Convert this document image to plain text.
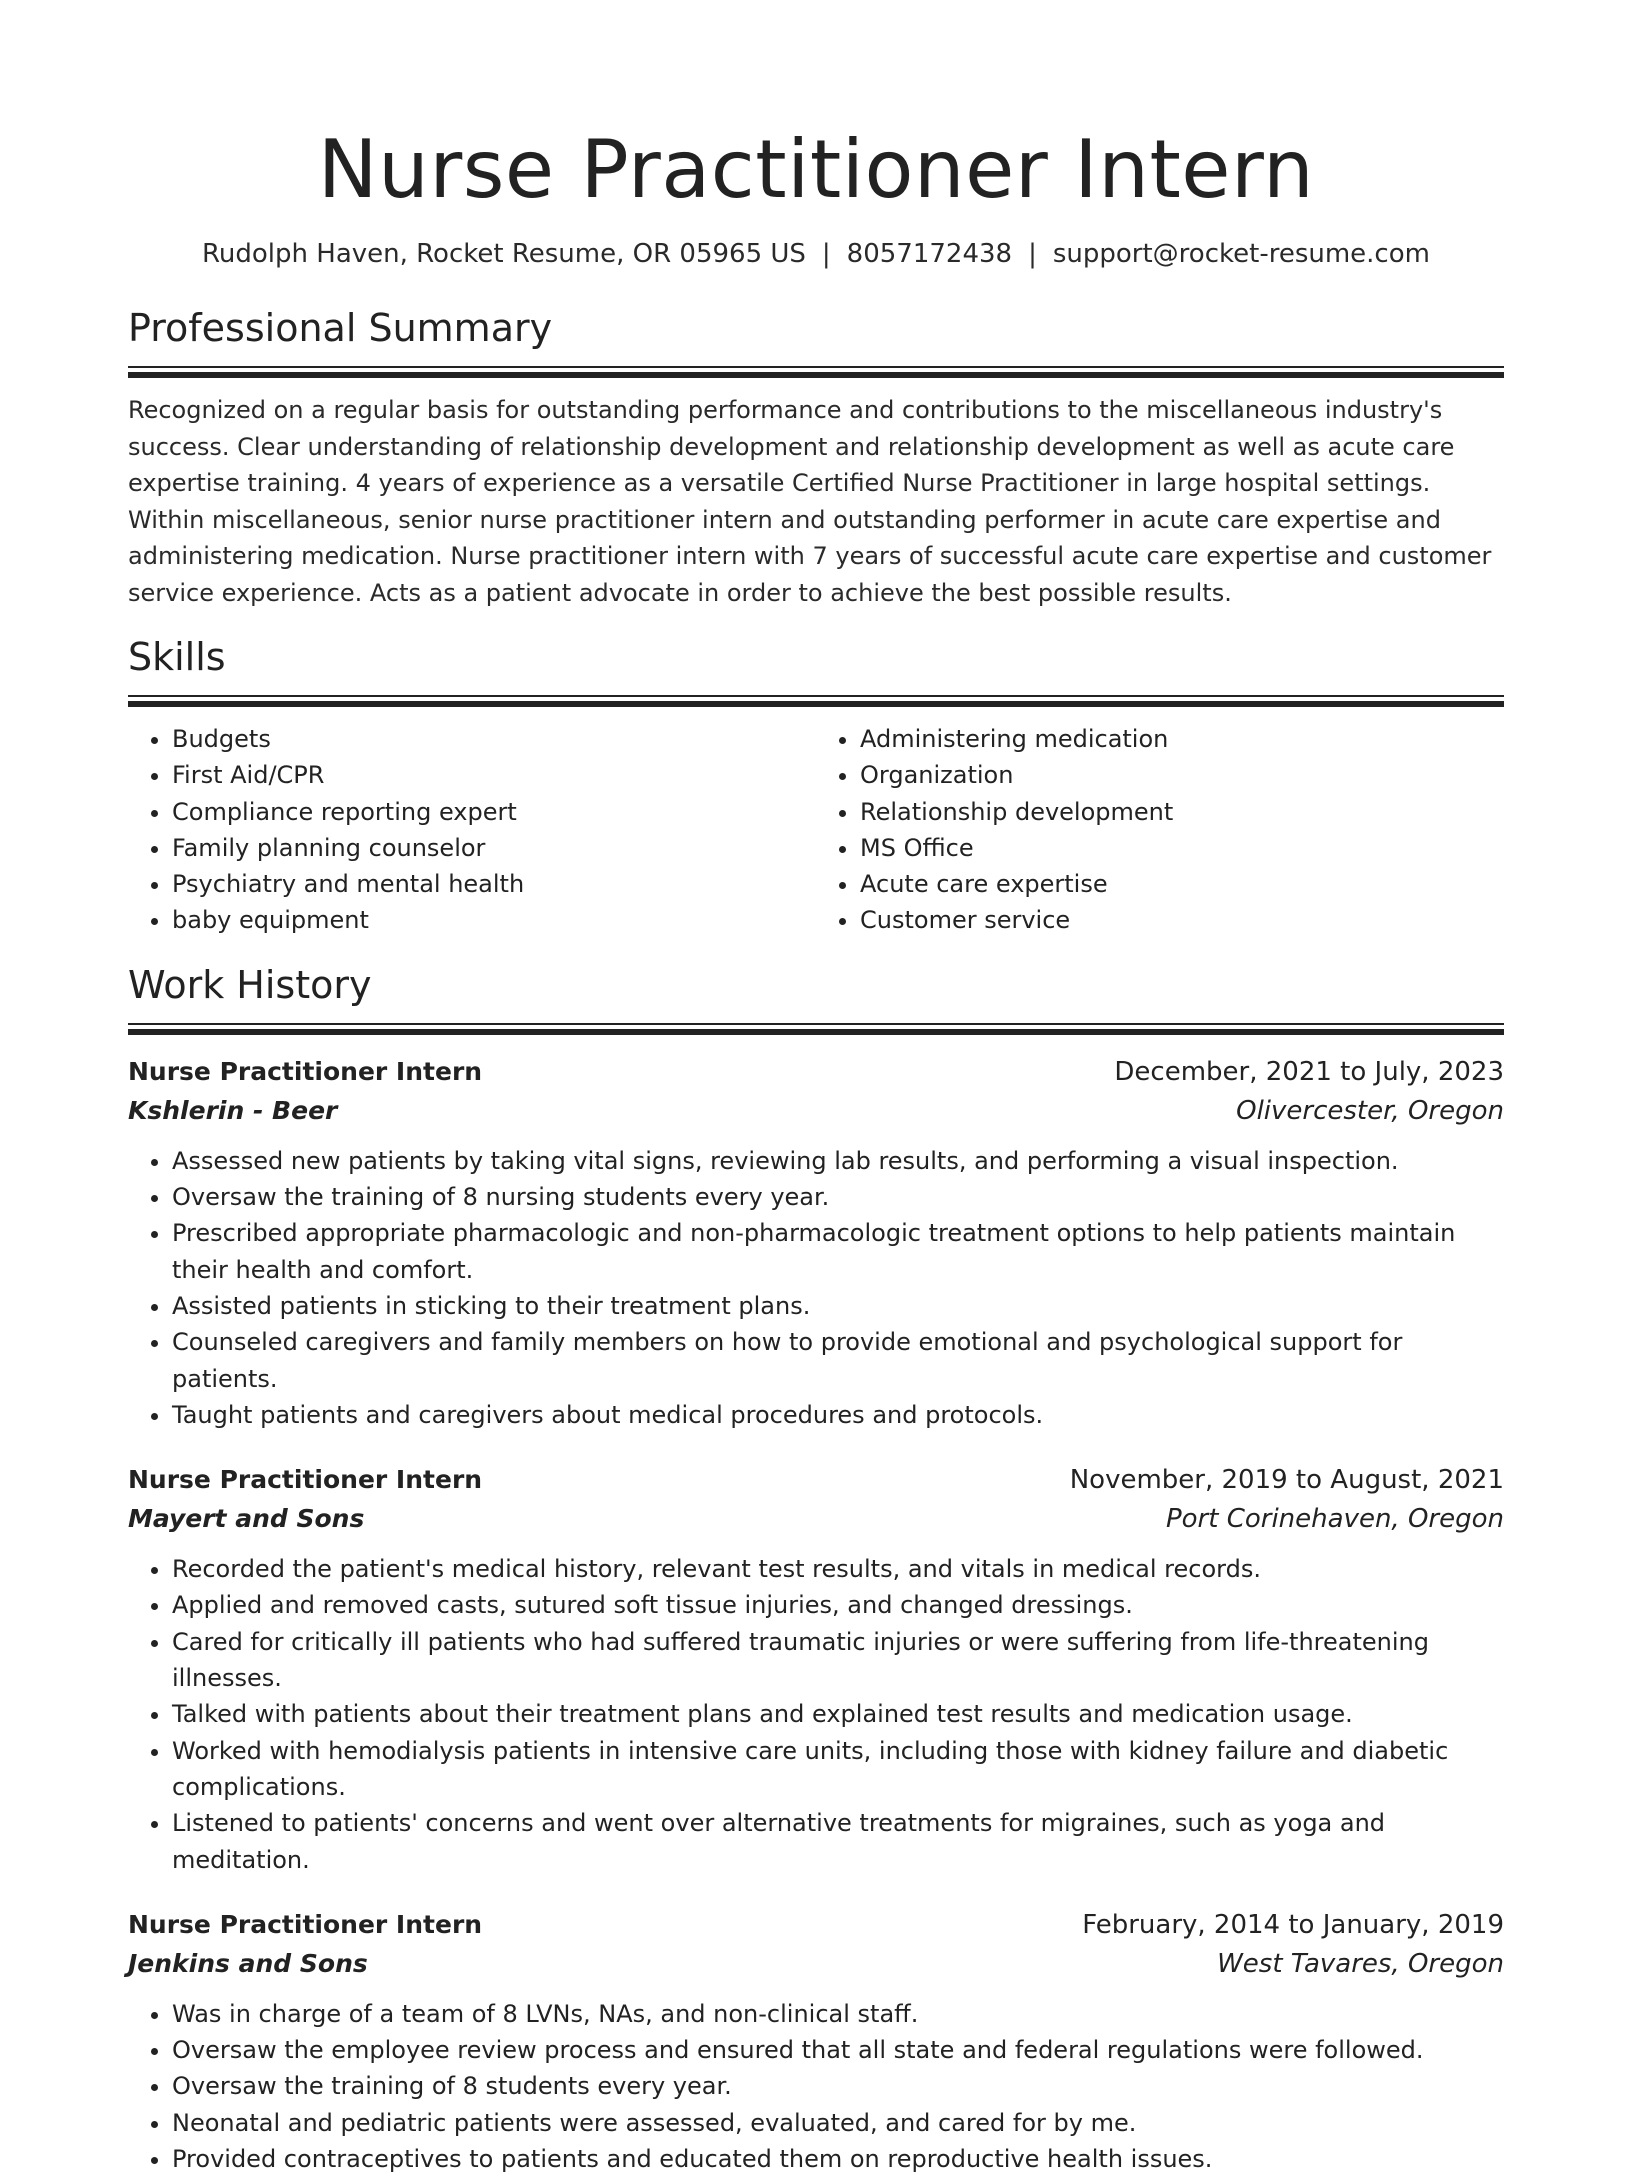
Nurse Practitioner Intern
Rudolph Haven, Rocket Resume, OR 05965 US | 8057172438 | support@rocket-resume.com
Professional Summary
Recognized on a regular basis for outstanding performance and contributions to the miscellaneous industry's success. Clear understanding of relationship development and relationship development as well as acute care expertise training. 4 years of experience as a versatile Certified Nurse Practitioner in large hospital settings. Within miscellaneous, senior nurse practitioner intern and outstanding performer in acute care expertise and administering medication. Nurse practitioner intern with 7 years of successful acute care expertise and customer service experience. Acts as a patient advocate in order to achieve the best possible results.
Skills
• Budgets
• First Aid/CPR
• Compliance reporting expert
• Family planning counselor
• Psychiatry and mental health
• baby equipment
• Administering medication
• Organization
• Relationship development
• MS Office
• Acute care expertise
• Customer service
Work History
Nurse Practitioner Intern	December, 2021 to July, 2023
Kshlerin - Beer	Olivercester, Oregon
• Assessed new patients by taking vital signs, reviewing lab results, and performing a visual inspection.
• Oversaw the training of 8 nursing students every year.
• Prescribed appropriate pharmacologic and non-pharmacologic treatment options to help patients maintain their health and comfort.
• Assisted patients in sticking to their treatment plans.
• Counseled caregivers and family members on how to provide emotional and psychological support for patients.
• Taught patients and caregivers about medical procedures and protocols.
Nurse Practitioner Intern	November, 2019 to August, 2021
Mayert and Sons	Port Corinehaven, Oregon
• Recorded the patient's medical history, relevant test results, and vitals in medical records.
• Applied and removed casts, sutured soft tissue injuries, and changed dressings.
• Cared for critically ill patients who had suffered traumatic injuries or were suffering from life-threatening illnesses.
• Talked with patients about their treatment plans and explained test results and medication usage.
• Worked with hemodialysis patients in intensive care units, including those with kidney failure and diabetic complications.
• Listened to patients' concerns and went over alternative treatments for migraines, such as yoga and meditation.
Nurse Practitioner Intern	February, 2014 to January, 2019
Jenkins and Sons	West Tavares, Oregon
• Was in charge of a team of 8 LVNs, NAs, and non-clinical staff.
• Oversaw the employee review process and ensured that all state and federal regulations were followed.
• Oversaw the training of 8 students every year.
• Neonatal and pediatric patients were assessed, evaluated, and cared for by me.
• Provided contraceptives to patients and educated them on reproductive health issues.
